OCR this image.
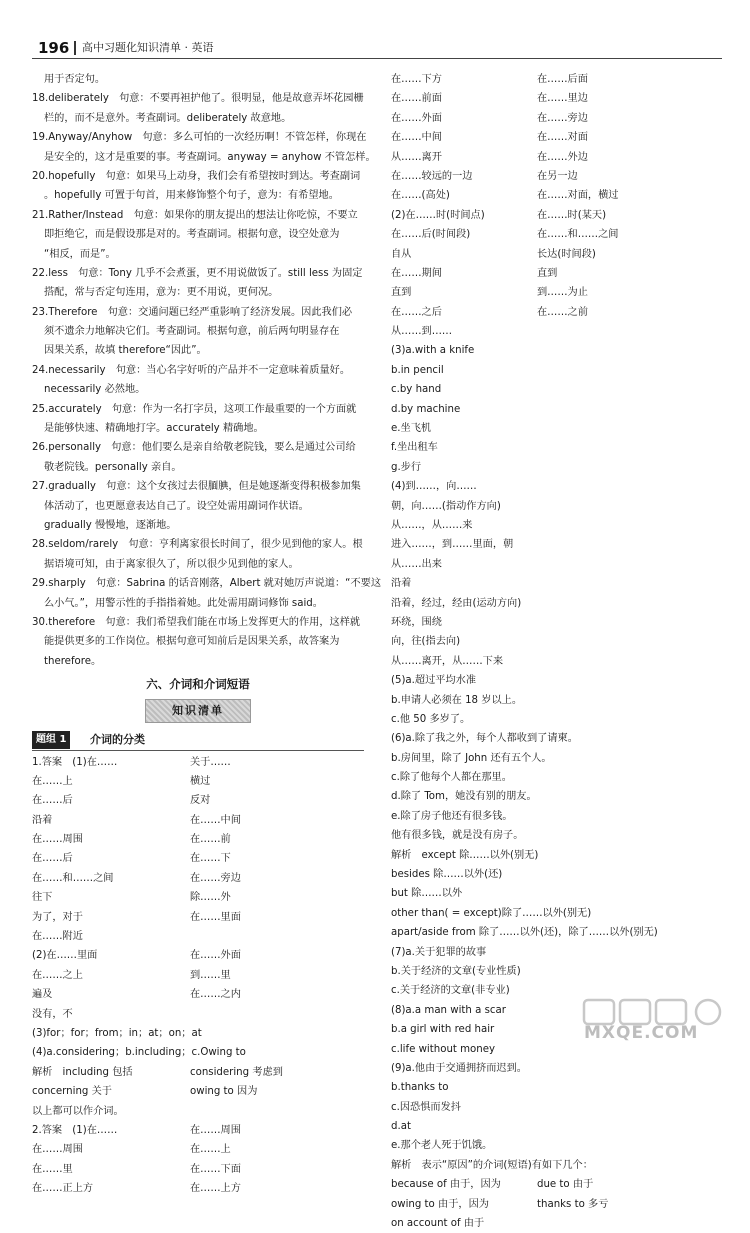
196 高中习题化知识清单 · 英语
用于否定句。
18.deliberately　句意：不要再袒护他了。很明显，他是故意弄坏花园栅
栏的，而不是意外。考查副词。deliberately 故意地。
19.Anyway/Anyhow　句意：多么可怕的一次经历啊！不管怎样，你现在
是安全的，这才是重要的事。考查副词。anyway = anyhow 不管怎样。
20.hopefully　句意：如果马上动身，我们会有希望按时到达。考查副词
。hopefully 可置于句首，用来修饰整个句子，意为：有希望地。
21.Rather/Instead　句意：如果你的朋友提出的想法让你吃惊，不要立
即拒绝它，而是假设那是对的。考查副词。根据句意，设空处意为
“相反，而是”。
22.less　句意：Tony 几乎不会煮蛋，更不用说做饭了。still less 为固定
搭配，常与否定句连用，意为：更不用说，更何况。
23.Therefore　句意：交通问题已经严重影响了经济发展。因此我们必
须不遗余力地解决它们。考查副词。根据句意，前后两句明显存在
因果关系，故填 therefore“因此”。
24.necessarily　句意：当心名字好听的产品并不一定意味着质量好。
necessarily 必然地。
25.accurately　句意：作为一名打字员，这项工作最重要的一个方面就
是能够快速、精确地打字。accurately 精确地。
26.personally　句意：他们要么是亲自给敬老院钱，要么是通过公司给
敬老院钱。personally 亲自。
27.gradually　句意：这个女孩过去很腼腆，但是她逐渐变得积极参加集
体活动了，也更愿意表达自己了。设空处需用副词作状语。
gradually 慢慢地，逐渐地。
28.seldom/rarely　句意：亨利离家很长时间了，很少见到他的家人。根
据语境可知，由于离家很久了，所以很少见到他的家人。
29.sharply　句意：Sabrina 的话音刚落，Albert 就对她厉声说道：“不要这
么小气。”，用警示性的手指指着她。此处需用副词修饰 said。
30.therefore　句意：我们希望我们能在市场上发挥更大的作用，这样就
能提供更多的工作岗位。根据句意可知前后是因果关系，故答案为
therefore。
六、介词和介词短语
知识清单
题组 1	介词的分类
1.答案　(1)在……	关于……
在……上	横过
在……后	反对
沿着	在……中间
在……周围	在……前
在……后	在……下
在……和……之间	在……旁边
往下	除……外
为了，对于	在……里面
在……附近
(2)在……里面	在……外面
在……之上	到……里
遍及	在……之内
没有，不
(3)for；for；from；in；at；on；at
(4)a.considering；b.including；c.Owing to
解析　including 包括	considering 考虑到
concerning 关于	owing to 因为
以上都可以作介词。
2.答案　(1)在……	在……周围
在……周围	在……上
在……里	在……下面
在……正上方	在……上方
在……下方	在……后面
在……前面	在……里边
在……外面	在……旁边
在……中间	在……对面
从……离开	在……外边
在……较远的一边	在另一边
在……(高处)	在……对面，横过
(2)在……时(时间点)	在……时(某天)
在……后(时间段)	在……和……之间
自从	长达(时间段)
在……期间	直到
直到	到……为止
在……之后	在……之前
从……到……
(3)a.with a knife
b.in pencil
c.by hand
d.by machine
e.坐飞机
f.坐出租车
g.步行
(4)到……，向……
朝，向……(指动作方向)
从……，从……来
进入……，到……里面，朝
从……出来
沿着
沿着，经过，经由(运动方向)
环绕，围绕
向，往(指去向)
从……离开，从……下来
(5)a.超过平均水准
b.申请人必须在 18 岁以上。
c.他 50 多岁了。
(6)a.除了我之外，每个人都收到了请柬。
b.房间里，除了 John 还有五个人。
c.除了他每个人都在那里。
d.除了 Tom，她没有别的朋友。
e.除了房子他还有很多钱。
他有很多钱，就是没有房子。
解析　except 除……以外(别无)
besides 除……以外(还)
but 除……以外
other than( = except)除了……以外(别无)
apart/aside from 除了……以外(还)，除了……以外(别无)
(7)a.关于犯罪的故事
b.关于经济的文章(专业性质)
c.关于经济的文章(非专业)
(8)a.a man with a scar
b.a girl with red hair
c.life without money
(9)a.他由于交通拥挤而迟到。
b.thanks to
c.因恐惧而发抖
d.at
e.那个老人死于饥饿。
解析　表示“原因”的介词(短语)有如下几个：
because of 由于，因为	due to 由于
owing to 由于，因为	thanks to 多亏
on account of 由于
MXQE.COM
